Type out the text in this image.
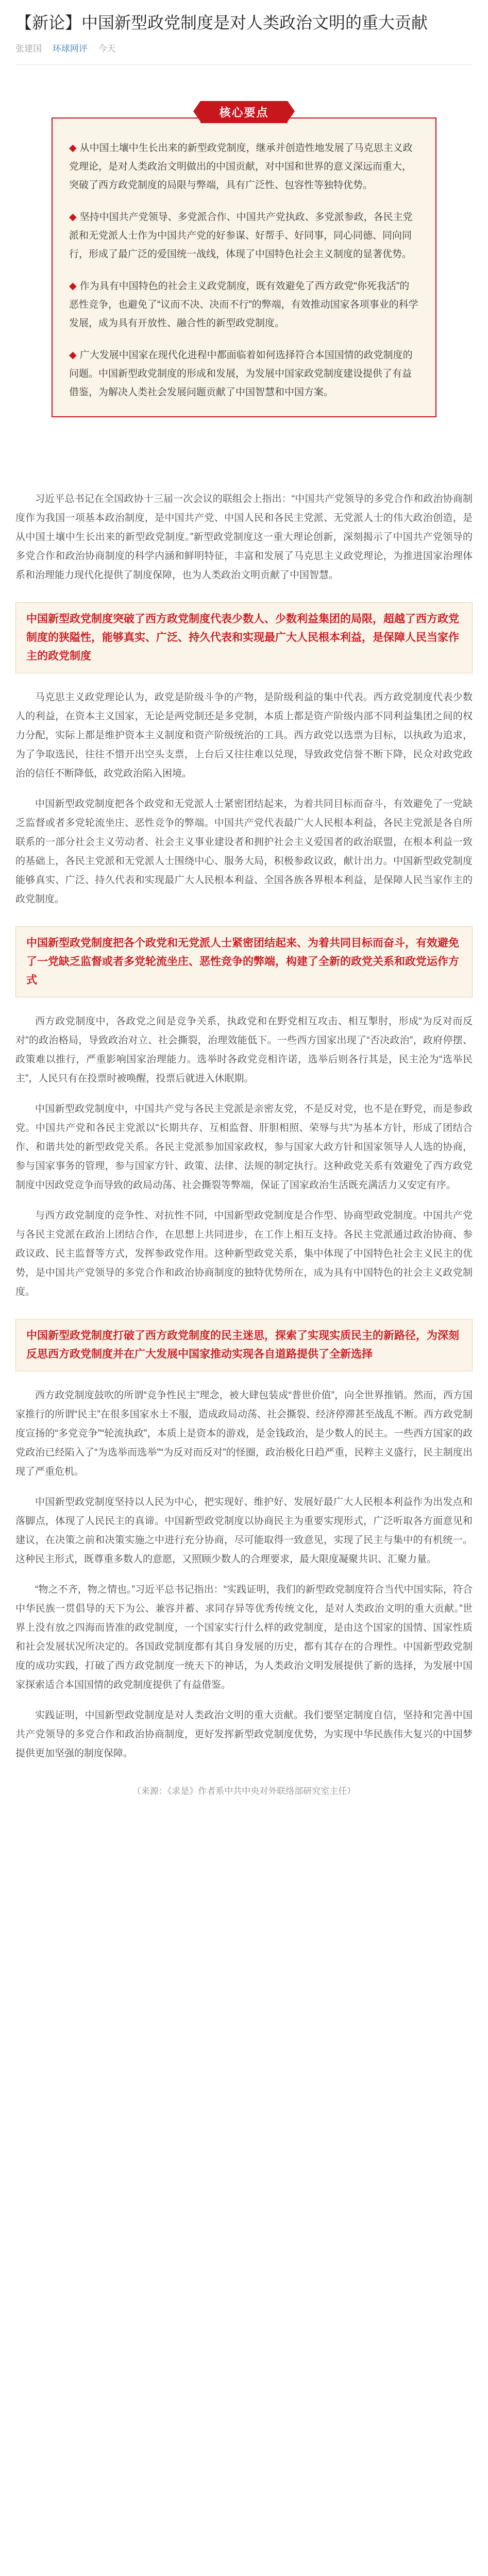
【新论】中国新型政党制度是对人类政治文明的重大贡献
张建国 环球网评 今天
核心要点

◆ 从中国土壤中生长出来的新型政党制度，继承并创造性地发展了马克思主义政党理论，是对人类政治文明做出的中国贡献，对中国和世界的意义深远而重大，突破了西方政党制度的局限与弊端，具有广泛性、包容性等独特优势。

◆ 坚持中国共产党领导、多党派合作、中国共产党执政、多党派参政，各民主党派和无党派人士作为中国共产党的好参谋、好帮手、好同事，同心同德、同向同行，形成了最广泛的爱国统一战线，体现了中国特色社会主义制度的显著优势。

◆ 作为具有中国特色的社会主义政党制度，既有效避免了西方政党“你死我活”的恶性竞争，也避免了“议而不决、决而不行”的弊端，有效推动国家各项事业的科学发展，成为具有开放性、融合性的新型政党制度。

◆ 广大发展中国家在现代化进程中都面临着如何选择符合本国国情的政党制度的问题。中国新型政党制度的形成和发展，为发展中国家政党制度建设提供了有益借鉴，为解决人类社会发展问题贡献了中国智慧和中国方案。

习近平总书记在全国政协十三届一次会议的联组会上指出：“中国共产党领导的多党合作和政治协商制度作为我国一项基本政治制度，是中国共产党、中国人民和各民主党派、无党派人士的伟大政治创造，是从中国土壤中生长出来的新型政党制度。”新型政党制度这一重大理论创新，深刻揭示了中国共产党领导的多党合作和政治协商制度的科学内涵和鲜明特征，丰富和发展了马克思主义政党理论，为推进国家治理体系和治理能力现代化提供了制度保障，也为人类政治文明贡献了中国智慧。

中国新型政党制度突破了西方政党制度代表少数人、少数利益集团的局限，超越了西方政党制度的狭隘性，能够真实、广泛、持久代表和实现最广大人民根本利益，是保障人民当家作主的政党制度

马克思主义政党理论认为，政党是阶级斗争的产物，是阶级利益的集中代表。西方政党制度代表少数人的利益，在资本主义国家，无论是两党制还是多党制，本质上都是资产阶级内部不同利益集团之间的权力分配，实际上都是维护资本主义制度和资产阶级统治的工具。西方政党以选票为目标，以执政为追求，为了争取选民，往往不惜开出空头支票，上台后又往往难以兑现，导致政党信誉不断下降，民众对政党政治的信任不断降低，政党政治陷入困境。

中国新型政党制度把各个政党和无党派人士紧密团结起来，为着共同目标而奋斗，有效避免了一党缺乏监督或者多党轮流坐庄、恶性竞争的弊端。中国共产党代表最广大人民根本利益，各民主党派是各自所联系的一部分社会主义劳动者、社会主义事业建设者和拥护社会主义爱国者的政治联盟，在根本利益一致的基础上，各民主党派和无党派人士围绕中心、服务大局，积极参政议政，献计出力。中国新型政党制度能够真实、广泛、持久代表和实现最广大人民根本利益、全国各族各界根本利益，是保障人民当家作主的政党制度。

中国新型政党制度把各个政党和无党派人士紧密团结起来、为着共同目标而奋斗，有效避免了一党缺乏监督或者多党轮流坐庄、恶性竞争的弊端，构建了全新的政党关系和政党运作方式

西方政党制度中，各政党之间是竞争关系，执政党和在野党相互攻击、相互掣肘，形成“为反对而反对”的政治格局，导致政治对立、社会撕裂，治理效能低下。一些西方国家出现了“否决政治”，政府停摆、政策难以推行，严重影响国家治理能力。选举时各政党竞相许诺，选举后则各行其是，民主沦为“选举民主”，人民只有在投票时被唤醒，投票后就进入休眠期。

中国新型政党制度中，中国共产党与各民主党派是亲密友党，不是反对党，也不是在野党，而是参政党。中国共产党和各民主党派以“长期共存、互相监督、肝胆相照、荣辱与共”为基本方针，形成了团结合作、和谐共处的新型政党关系。各民主党派参加国家政权，参与国家大政方针和国家领导人人选的协商，参与国家事务的管理，参与国家方针、政策、法律、法规的制定执行。这种政党关系有效避免了西方政党制度中因政党竞争而导致的政局动荡、社会撕裂等弊端，保证了国家政治生活既充满活力又安定有序。

与西方政党制度的竞争性、对抗性不同，中国新型政党制度是合作型、协商型政党制度。中国共产党与各民主党派在政治上团结合作，在思想上共同进步，在工作上相互支持。各民主党派通过政治协商、参政议政、民主监督等方式，发挥参政党作用。这种新型政党关系，集中体现了中国特色社会主义民主的优势，是中国共产党领导的多党合作和政治协商制度的独特优势所在，成为具有中国特色的社会主义政党制度。

中国新型政党制度打破了西方政党制度的民主迷思，探索了实现实质民主的新路径，为深刻反思西方政党制度并在广大发展中国家推动实现各自道路提供了全新选择

西方政党制度鼓吹的所谓“竞争性民主”理念，被大肆包装成“普世价值”，向全世界推销。然而，西方国家推行的所谓“民主”在很多国家水土不服，造成政局动荡、社会撕裂、经济停滞甚至战乱不断。西方政党制度宣扬的“多党竞争”“轮流执政”，本质上是资本的游戏，是金钱政治，是少数人的民主。一些西方国家的政党政治已经陷入了“为选举而选举”“为反对而反对”的怪圈，政治极化日趋严重，民粹主义盛行，民主制度出现了严重危机。

中国新型政党制度坚持以人民为中心，把实现好、维护好、发展好最广大人民根本利益作为出发点和落脚点，体现了人民民主的真谛。中国新型政党制度以协商民主为重要实现形式，广泛听取各方面意见和建议，在决策之前和决策实施之中进行充分协商，尽可能取得一致意见，实现了民主与集中的有机统一。这种民主形式，既尊重多数人的意愿，又照顾少数人的合理要求，最大限度凝聚共识、汇聚力量。

“物之不齐，物之情也。”习近平总书记指出：“实践证明，我们的新型政党制度符合当代中国实际，符合中华民族一贯倡导的天下为公、兼容并蓄、求同存异等优秀传统文化，是对人类政治文明的重大贡献。”世界上没有放之四海而皆准的政党制度，一个国家实行什么样的政党制度，是由这个国家的国情、国家性质和社会发展状况所决定的。各国政党制度都有其自身发展的历史，都有其存在的合理性。中国新型政党制度的成功实践，打破了西方政党制度一统天下的神话，为人类政治文明发展提供了新的选择，为发展中国家探索适合本国国情的政党制度提供了有益借鉴。

实践证明，中国新型政党制度是对人类政治文明的重大贡献。我们要坚定制度自信，坚持和完善中国共产党领导的多党合作和政治协商制度，更好发挥新型政党制度优势，为实现中华民族伟大复兴的中国梦提供更加坚强的制度保障。

（来源：《求是》作者系中共中央对外联络部研究室主任）
